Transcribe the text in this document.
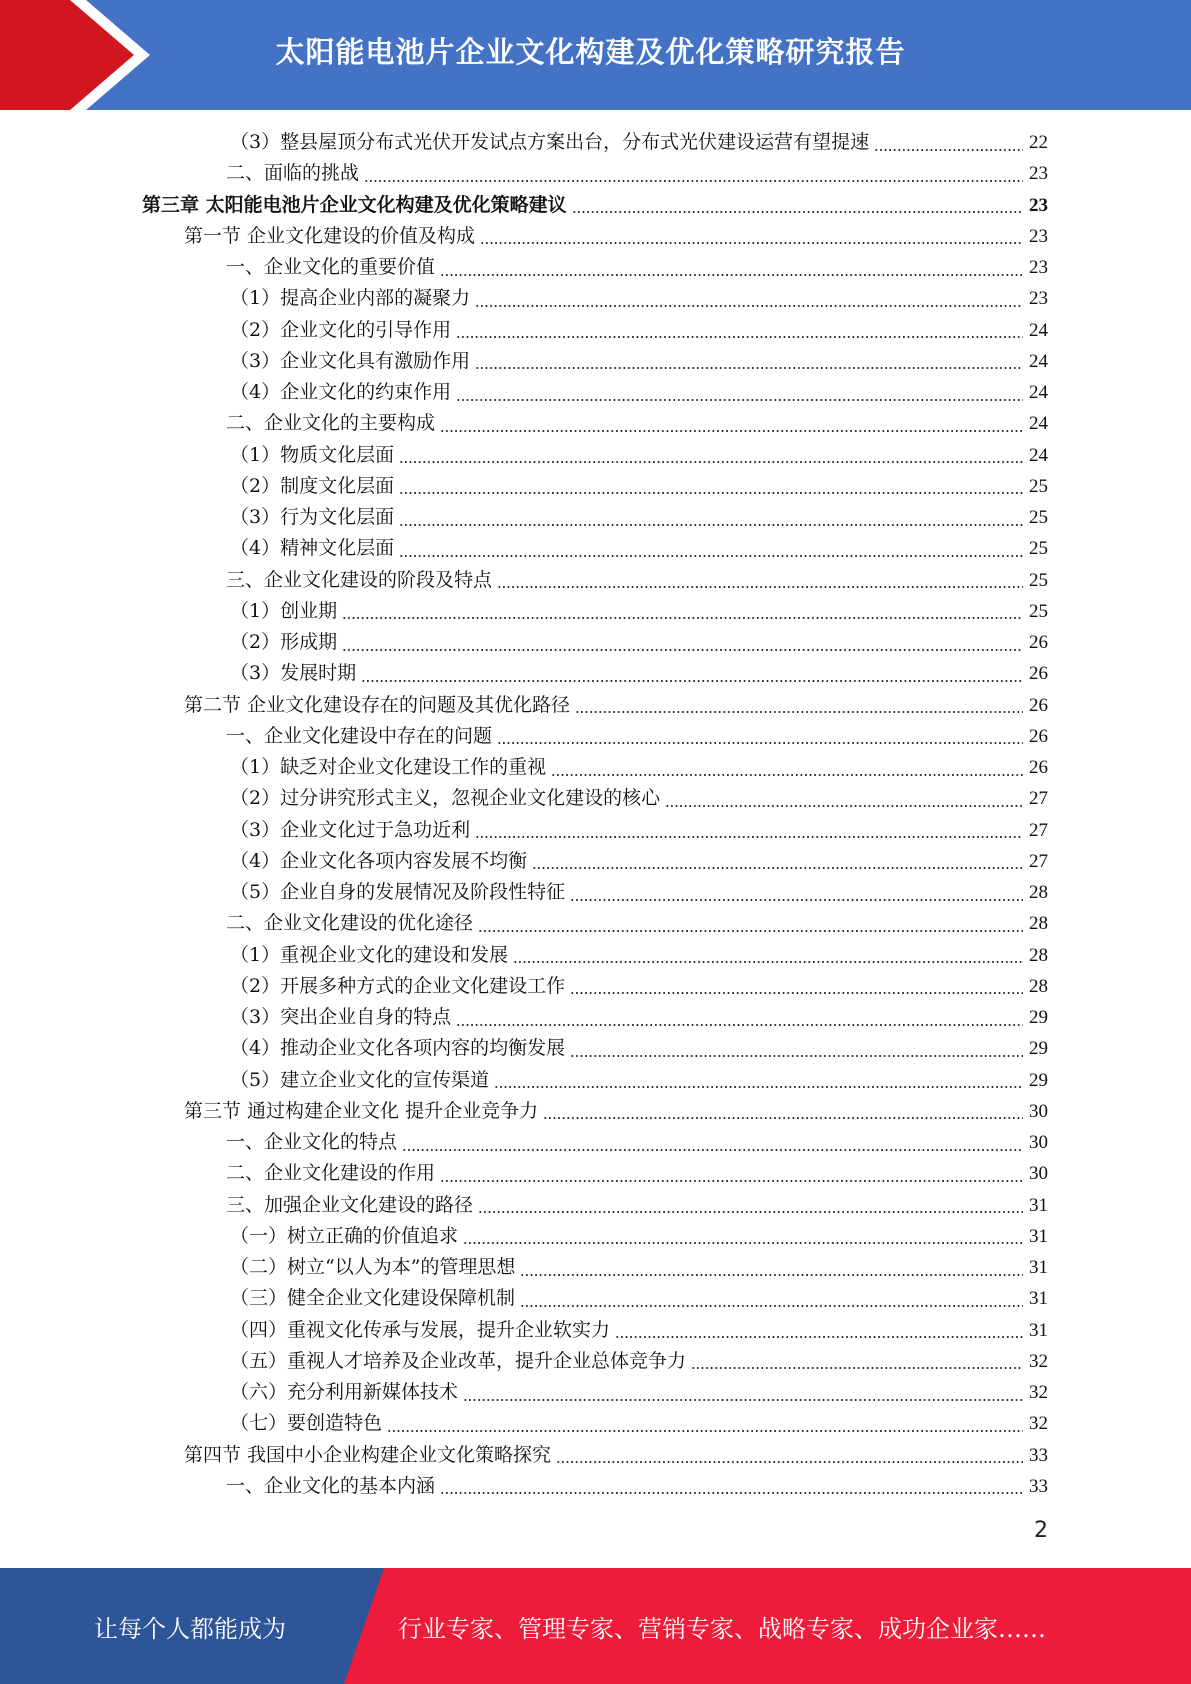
太阳能电池片企业文化构建及优化策略研究报告
（3）整县屋顶分布式光伏开发试点方案出台，分布式光伏建设运营有望提速	22
二、面临的挑战	23
第三章 太阳能电池片企业文化构建及优化策略建议	23
第一节 企业文化建设的价值及构成	23
一、企业文化的重要价值	23
（1）提高企业内部的凝聚力	23
（2）企业文化的引导作用	24
（3）企业文化具有激励作用	24
（4）企业文化的约束作用	24
二、企业文化的主要构成	24
（1）物质文化层面	24
（2）制度文化层面	25
（3）行为文化层面	25
（4）精神文化层面	25
三、企业文化建设的阶段及特点	25
（1）创业期	25
（2）形成期	26
（3）发展时期	26
第二节 企业文化建设存在的问题及其优化路径	26
一、企业文化建设中存在的问题	26
（1）缺乏对企业文化建设工作的重视	26
（2）过分讲究形式主义，忽视企业文化建设的核心	27
（3）企业文化过于急功近利	27
（4）企业文化各项内容发展不均衡	27
（5）企业自身的发展情况及阶段性特征	28
二、企业文化建设的优化途径	28
（1）重视企业文化的建设和发展	28
（2）开展多种方式的企业文化建设工作	28
（3）突出企业自身的特点	29
（4）推动企业文化各项内容的均衡发展	29
（5）建立企业文化的宣传渠道	29
第三节 通过构建企业文化 提升企业竞争力	30
一、企业文化的特点	30
二、企业文化建设的作用	30
三、加强企业文化建设的路径	31
（一）树立正确的价值追求	31
（二）树立“以人为本”的管理思想	31
（三）健全企业文化建设保障机制	31
（四）重视文化传承与发展，提升企业软实力	31
（五）重视人才培养及企业改革，提升企业总体竞争力	32
（六）充分利用新媒体技术	32
（七）要创造特色	32
第四节 我国中小企业构建企业文化策略探究	33
一、企业文化的基本内涵	33
2
让每个人都能成为	行业专家、管理专家、营销专家、战略专家、成功企业家……
